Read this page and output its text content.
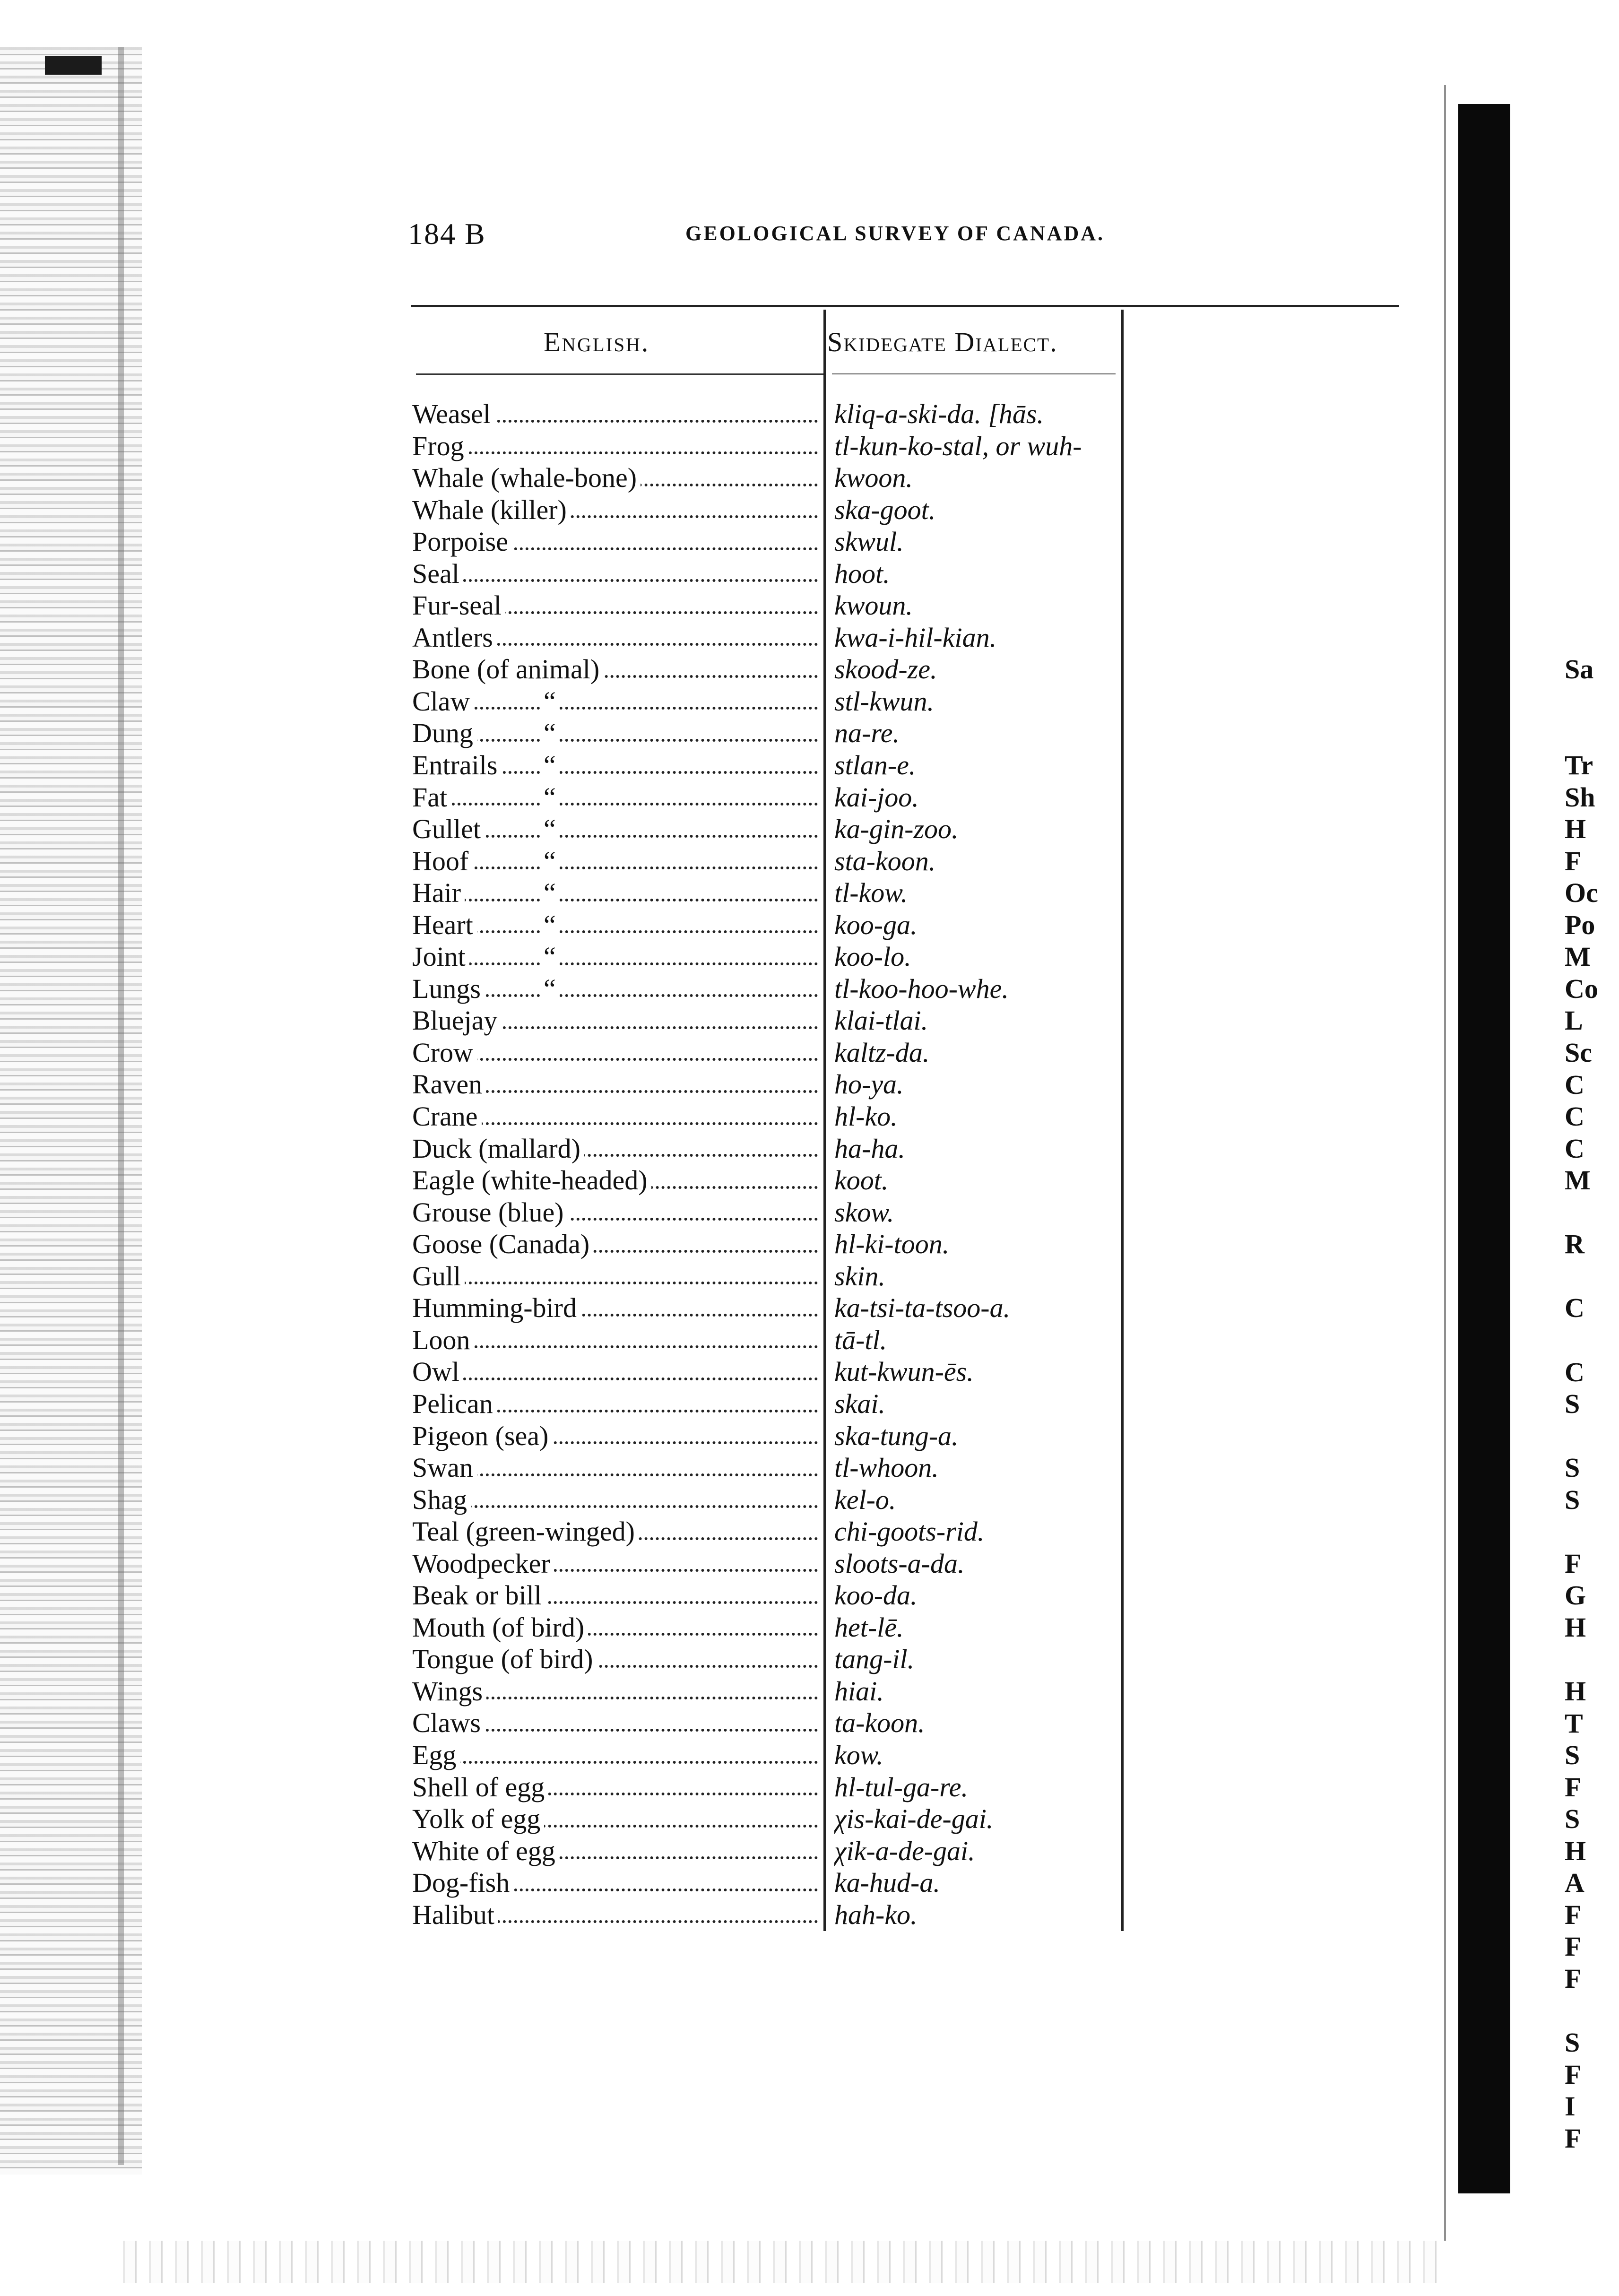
184 B	GEOLOGICAL SURVEY OF CANADA.
English.	Skidegate Dialect.
Weasel	kliq-a-ski-da. [hās.
Frog	tl-kun-ko-stal, or wuh-
Whale (whale-bone)	kwoon.
Whale (killer)	ska-goot.
Porpoise	skwul.
Seal	hoot.
Fur-seal	kwoun.
Antlers	kwa-i-hil-kian.
Bone (of animal)	skood-ze.
Claw	“	stl-kwun.
Dung	“	na-re.
Entrails “	stlan-e.
Fat	“	kai-joo.
Gullet “	ka-gin-zoo.
Hoof	“	sta-koon.
Hair	“	tl-kow.
Heart	“	koo-ga.
Joint	“	koo-lo.
Lungs “	tl-koo-hoo-whe.
Bluejay	klai-tlai.
Crow	kaltz-da.
Raven	ho-ya.
Crane	hl-ko.
Duck (mallard)	ha-ha.
Eagle (white-headed)	koot.
Grouse (blue)	skow.
Goose (Canada)	hl-ki-toon.
Gull	skin.
Humming-bird	ka-tsi-ta-tsoo-a.
Loon	tā-tl.
Owl	kut-kwun-ēs.
Pelican	skai.
Pigeon (sea)	ska-tung-a.
Swan	tl-whoon.
Shag	kel-o.
Teal (green-winged)	chi-goots-rid.
Woodpecker	sloots-a-da.
Beak or bill	koo-da.
Mouth (of bird)	het-lē.
Tongue (of bird)	tang-il.
Wings	hiai.
Claws	ta-koon.
Egg	kow.
Shell of egg	hl-tul-ga-re.
Yolk of egg	χis-kai-de-gai.
White of egg	χik-a-de-gai.
Dog-fish	ka-hud-a.
Halibut	hah-ko.
Sa
Tr
Sh
H
F
Oc
Po
M
Co
L
Sc
C
C
C
M
R
C
C
S
S
S
F
G
H
H
T
S
F
S
H
A
F
F
F
S
F
I
F
